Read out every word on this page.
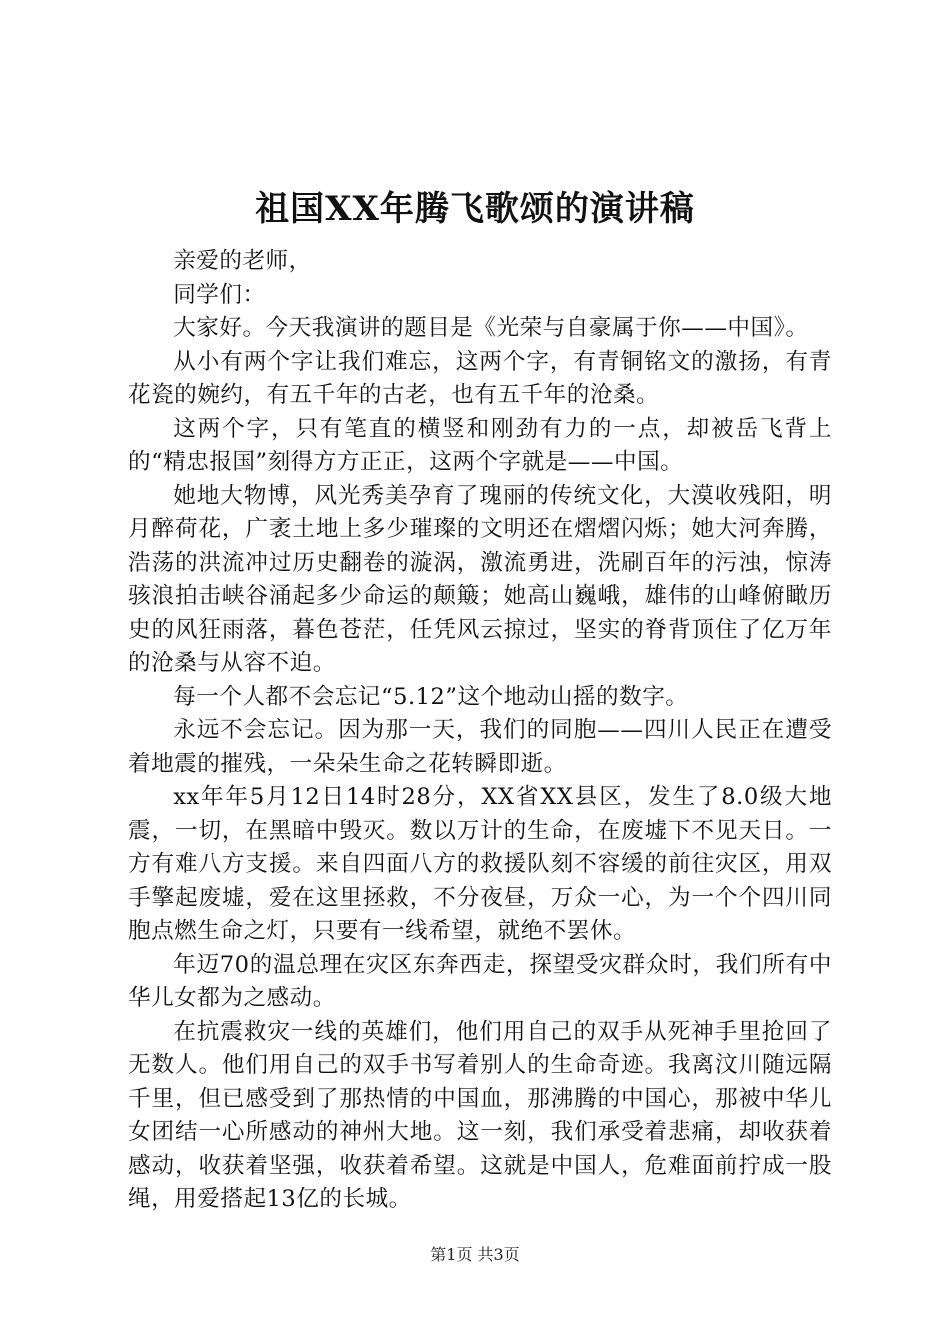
祖国XX年腾飞歌颂的演讲稿

亲爱的老师，

同学们：

大家好。今天我演讲的题目是《光荣与自豪属于你——中国》。

从小有两个字让我们难忘，这两个字，有青铜铭文的激扬，有青花瓷的婉约，有五千年的古老，也有五千年的沧桑。

这两个字，只有笔直的横竖和刚劲有力的一点，却被岳飞背上的“精忠报国”刻得方方正正，这两个字就是——中国。

她地大物博，风光秀美孕育了瑰丽的传统文化，大漠收残阳，明月醉荷花，广袤土地上多少璀璨的文明还在熠熠闪烁；她大河奔腾，浩荡的洪流冲过历史翻卷的漩涡，激流勇进，洗刷百年的污浊，惊涛骇浪拍击峡谷涌起多少命运的颠簸；她高山巍峨，雄伟的山峰俯瞰历史的风狂雨落，暮色苍茫，任凭风云掠过，坚实的脊背顶住了亿万年的沧桑与从容不迫。

每一个人都不会忘记“5.12”这个地动山摇的数字。

永远不会忘记。因为那一天，我们的同胞——四川人民正在遭受着地震的摧残，一朵朵生命之花转瞬即逝。

xx年年5月12日14时28分，XX省XX县区，发生了8.0级大地震，一切，在黑暗中毁灭。数以万计的生命，在废墟下不见天日。一方有难八方支援。来自四面八方的救援队刻不容缓的前往灾区，用双手擎起废墟，爱在这里拯救，不分夜昼，万众一心，为一个个四川同胞点燃生命之灯，只要有一线希望，就绝不罢休。

年迈70的温总理在灾区东奔西走，探望受灾群众时，我们所有中华儿女都为之感动。

在抗震救灾一线的英雄们，他们用自己的双手从死神手里抢回了无数人。他们用自己的双手书写着别人的生命奇迹。我离汶川随远隔千里，但已感受到了那热情的中国血，那沸腾的中国心，那被中华儿女团结一心所感动的神州大地。这一刻，我们承受着悲痛，却收获着感动，收获着坚强，收获着希望。这就是中国人，危难面前拧成一股绳，用爱搭起13亿的长城。

第1页 共3页
